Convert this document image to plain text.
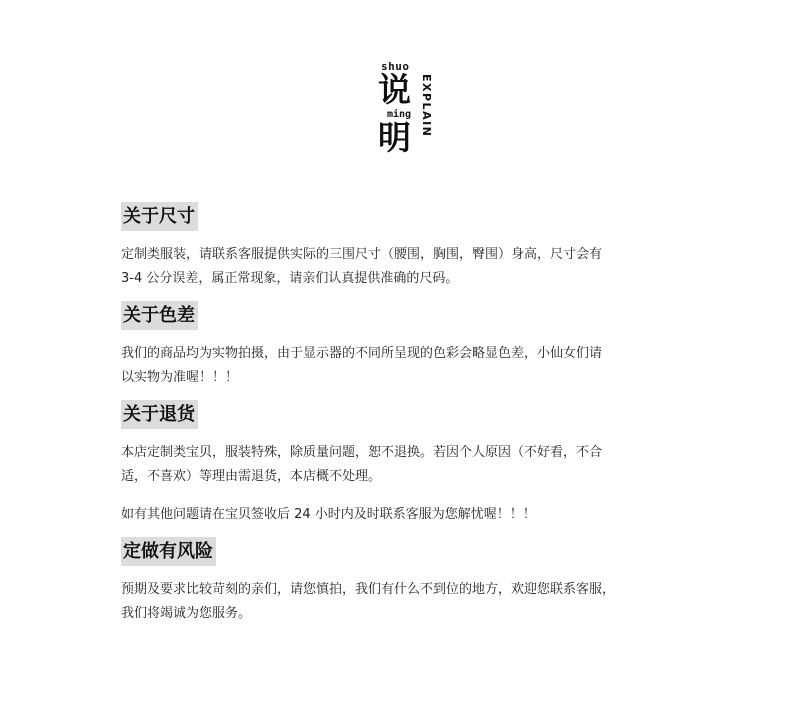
shuo
说
ming
明
EXPLAIN
关于尺寸

定制类服装，请联系客服提供实际的三围尺寸（腰围，胸围，臀围）身高，尺寸会有
3-4 公分误差，属正常现象，请亲们认真提供准确的尺码。

关于色差

我们的商品均为实物拍摄，由于显示器的不同所呈现的色彩会略显色差，小仙女们请
以实物为准喔！！！

关于退货

本店定制类宝贝，服装特殊，除质量问题，恕不退换。若因个人原因（不好看，不合
适，不喜欢）等理由需退货，本店概不处理。

如有其他问题请在宝贝签收后 24 小时内及时联系客服为您解忧喔！！！

定做有风险

预期及要求比较苛刻的亲们，请您慎拍，我们有什么不到位的地方，欢迎您联系客服，
我们将竭诚为您服务。
